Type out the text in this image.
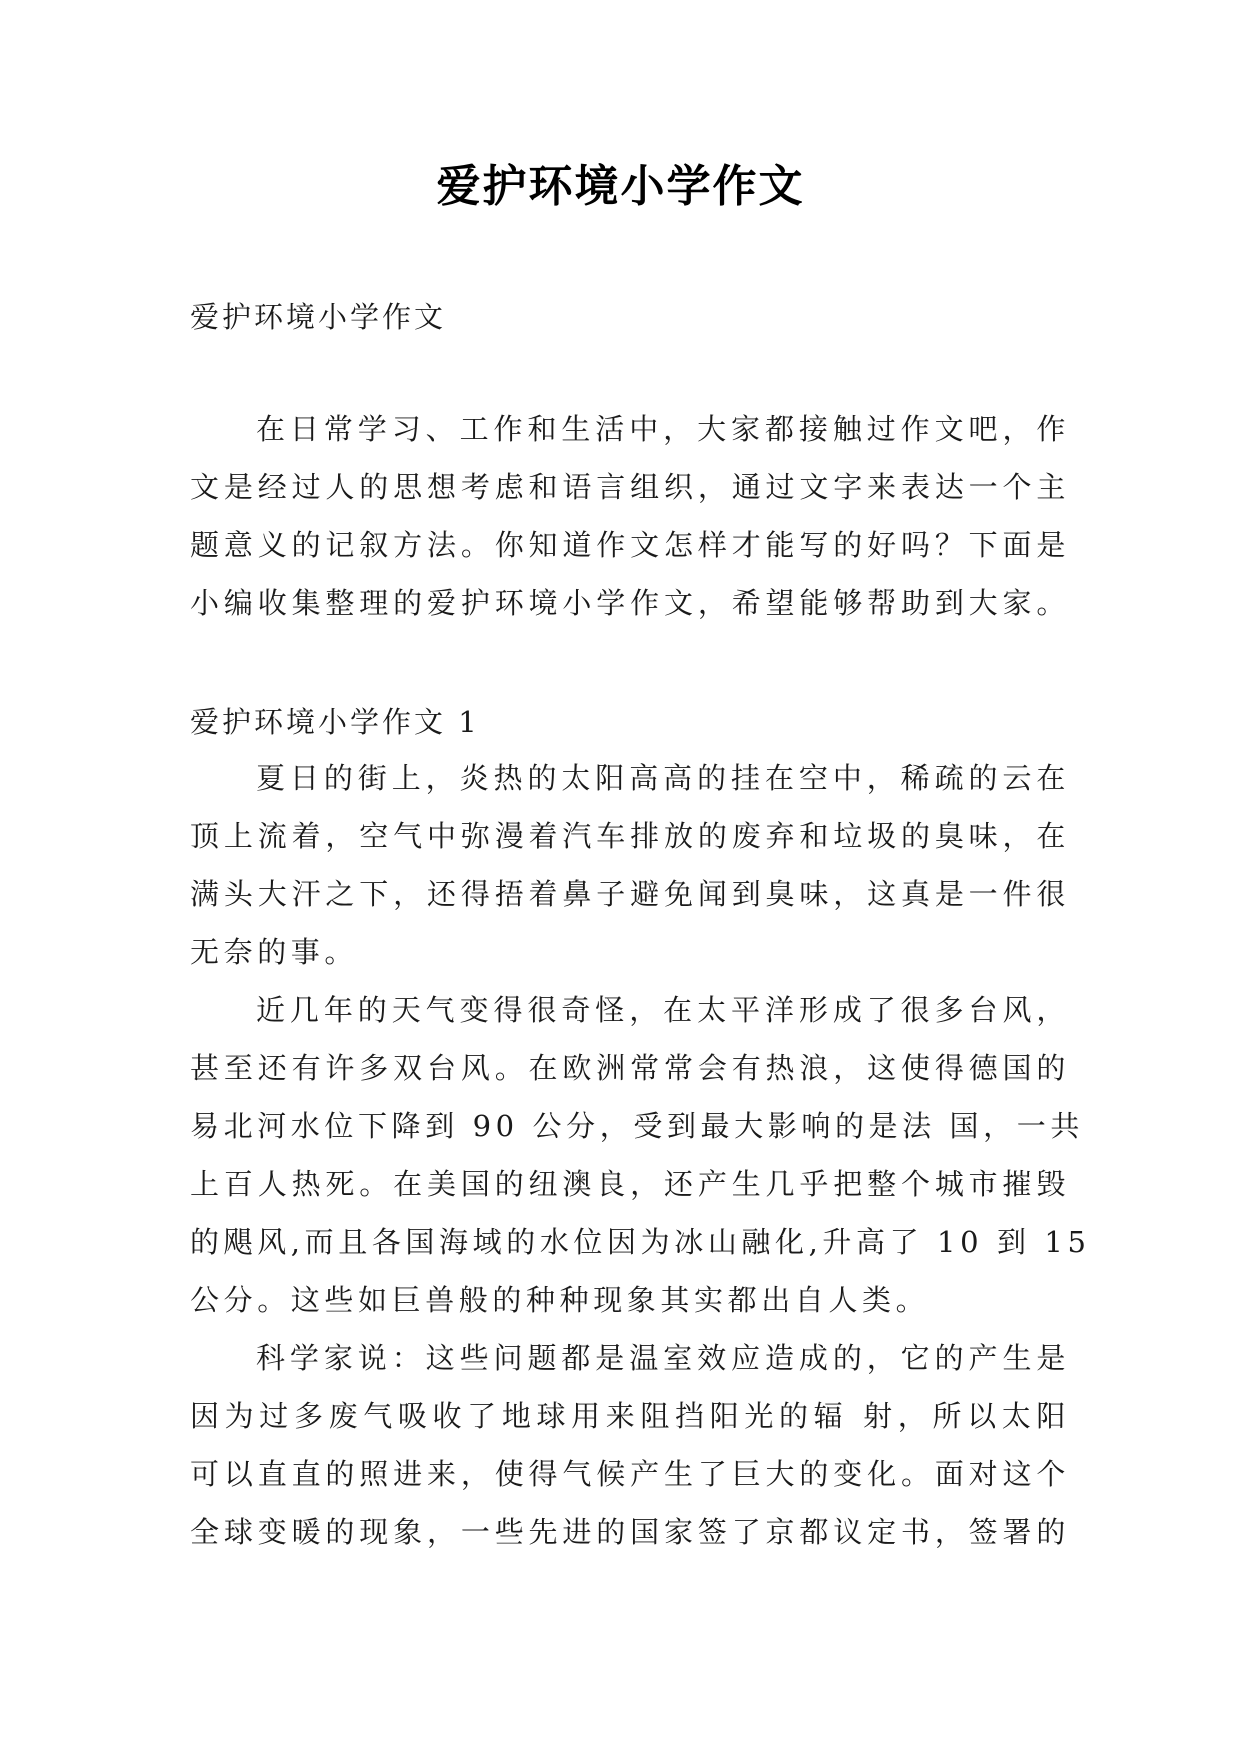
爱护环境小学作文

爱护环境小学作文

在日常学习、工作和生活中，大家都接触过作文吧，作
文是经过人的思想考虑和语言组织，通过文字来表达一个主
题意义的记叙方法。你知道作文怎样才能写的好吗？下面是
小编收集整理的爱护环境小学作文，希望能够帮助到大家。

爱护环境小学作文 1

夏日的街上，炎热的太阳高高的挂在空中，稀疏的云在
顶上流着，空气中弥漫着汽车排放的废弃和垃圾的臭味，在
满头大汗之下，还得捂着鼻子避免闻到臭味，这真是一件很
无奈的事。
近几年的天气变得很奇怪，在太平洋形成了很多台风，
甚至还有许多双台风。在欧洲常常会有热浪，这使得德国的
易北河水位下降到 90 公分，受到最大影响的是法 国，一共
上百人热死。在美国的纽澳良，还产生几乎把整个城市摧毁
的飓风,而且各国海域的水位因为冰山融化,升高了 10 到 15
公分。这些如巨兽般的种种现象其实都出自人类。
科学家说：这些问题都是温室效应造成的，它的产生是
因为过多废气吸收了地球用来阻挡阳光的辐 射，所以太阳
可以直直的照进来，使得气候产生了巨大的变化。面对这个
全球变暖的现象，一些先进的国家签了京都议定书，签署的
